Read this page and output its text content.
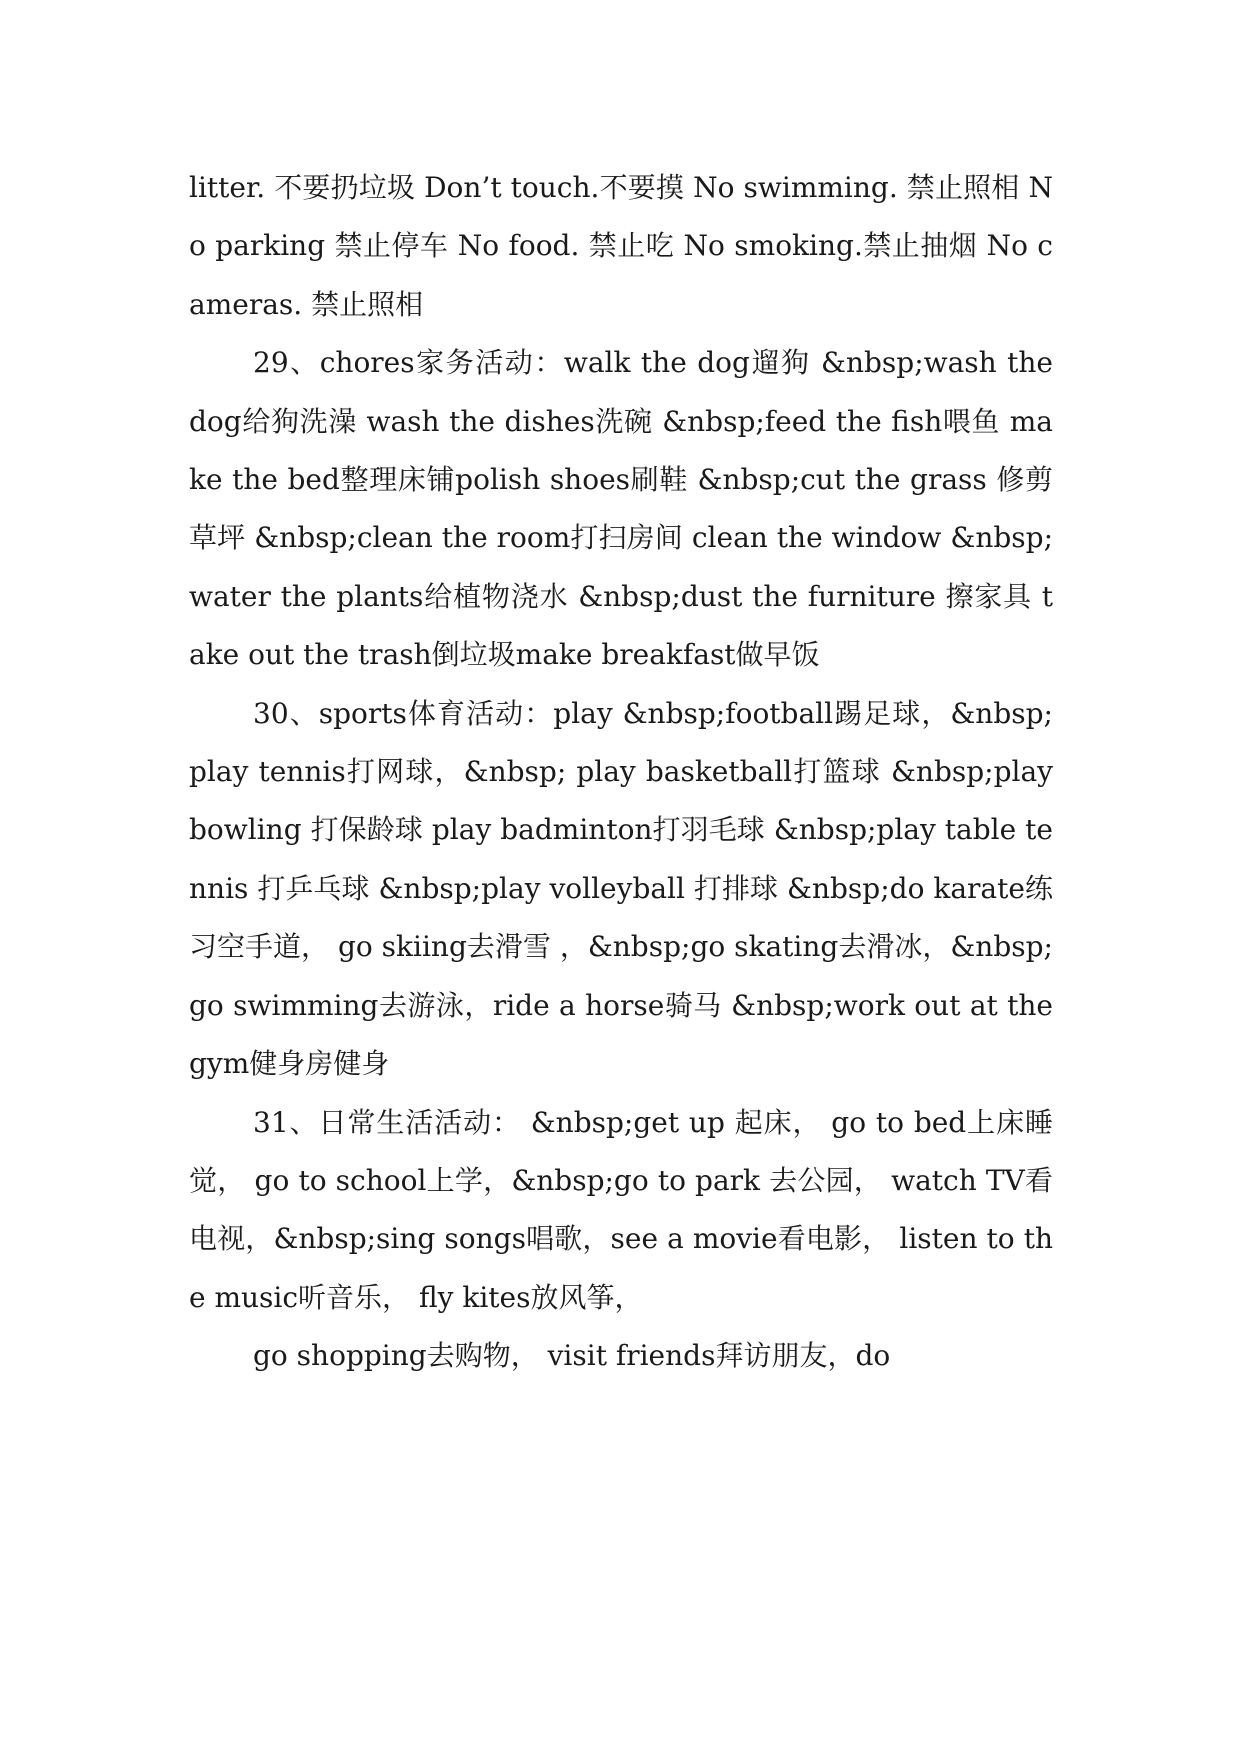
litter. 不要扔垃圾 Don’t touch.不要摸 No swimming. 禁止照相 No parking 禁止停车 No food. 禁止吃 No smoking.禁止抽烟 No cameras. 禁止照相

29、chores家务活动：walk the dog遛狗 &nbsp;wash the dog给狗洗澡 wash the dishes洗碗 &nbsp;feed the fish喂鱼 make the bed整理床铺polish shoes刷鞋 &nbsp;cut the grass 修剪草坪 &nbsp;clean the room打扫房间 clean the window &nbsp; water the plants给植物浇水 &nbsp;dust the furniture 擦家具 take out the trash倒垃圾make breakfast做早饭

30、sports体育活动：play &nbsp;football踢足球，&nbsp;play tennis打网球，&nbsp; play basketball打篮球 &nbsp;play bowling 打保龄球 play badminton打羽毛球 &nbsp;play table tennis 打乒乓球 &nbsp;play volleyball 打排球 &nbsp;do karate练习空手道， go skiing去滑雪 ，&nbsp;go skating去滑冰，&nbsp;go swimming去游泳，ride a horse骑马 &nbsp;work out at the gym健身房健身

31、日常生活活动： &nbsp;get up 起床， go to bed上床睡觉， go to school上学，&nbsp;go to park 去公园， watch TV看电视，&nbsp;sing songs唱歌，see a movie看电影， listen to the music听音乐， fly kites放风筝，

go shopping去购物， visit friends拜访朋友，do
